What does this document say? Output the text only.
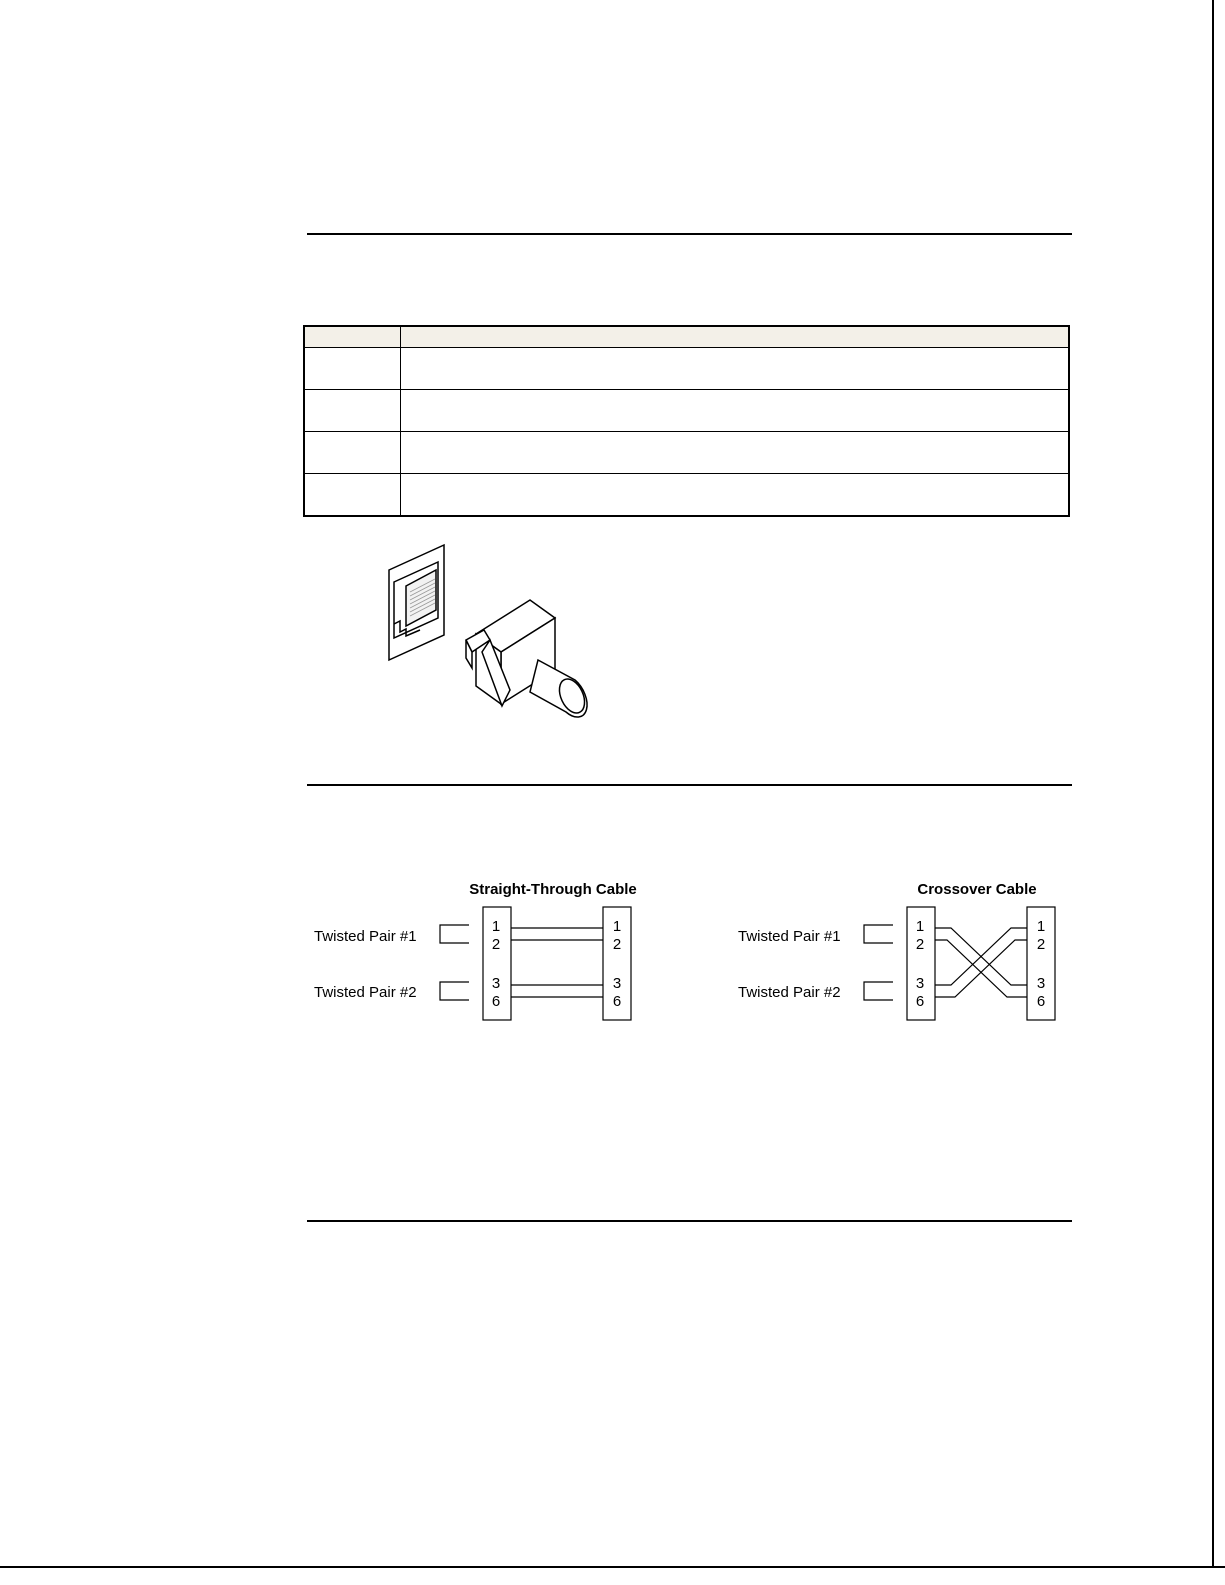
Straight-Through Cable
Twisted Pair #1
Twisted Pair #2
1
2
3
6
1
2
3
6
Crossover Cable
Twisted Pair #1
Twisted Pair #2
1
2
3
6
1
2
3
6
